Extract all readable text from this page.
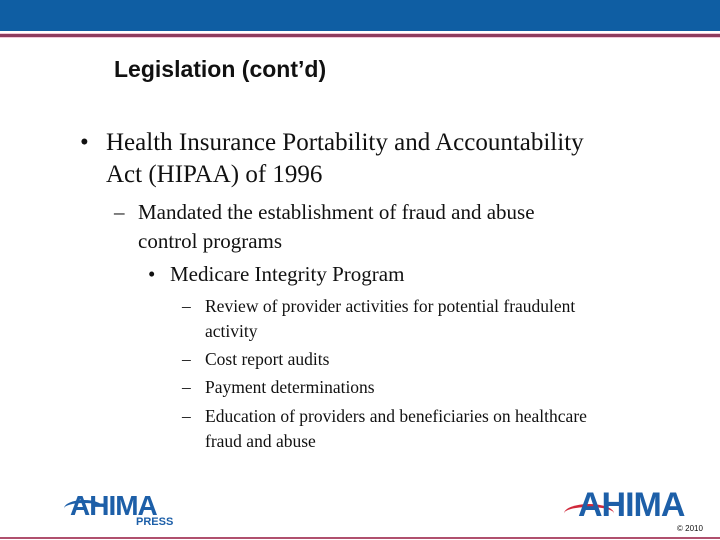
Legislation (cont’d)
• Health Insurance Portability and Accountability
Act (HIPAA) of 1996
– Mandated the establishment of fraud and abuse
control programs
• Medicare Integrity Program
– Review of provider activities for potential fraudulent
activity
– Cost report audits
– Payment determinations
– Education of providers and beneficiaries on healthcare
fraud and abuse
AHIMA
PRESS	AHIMA
© 2010
